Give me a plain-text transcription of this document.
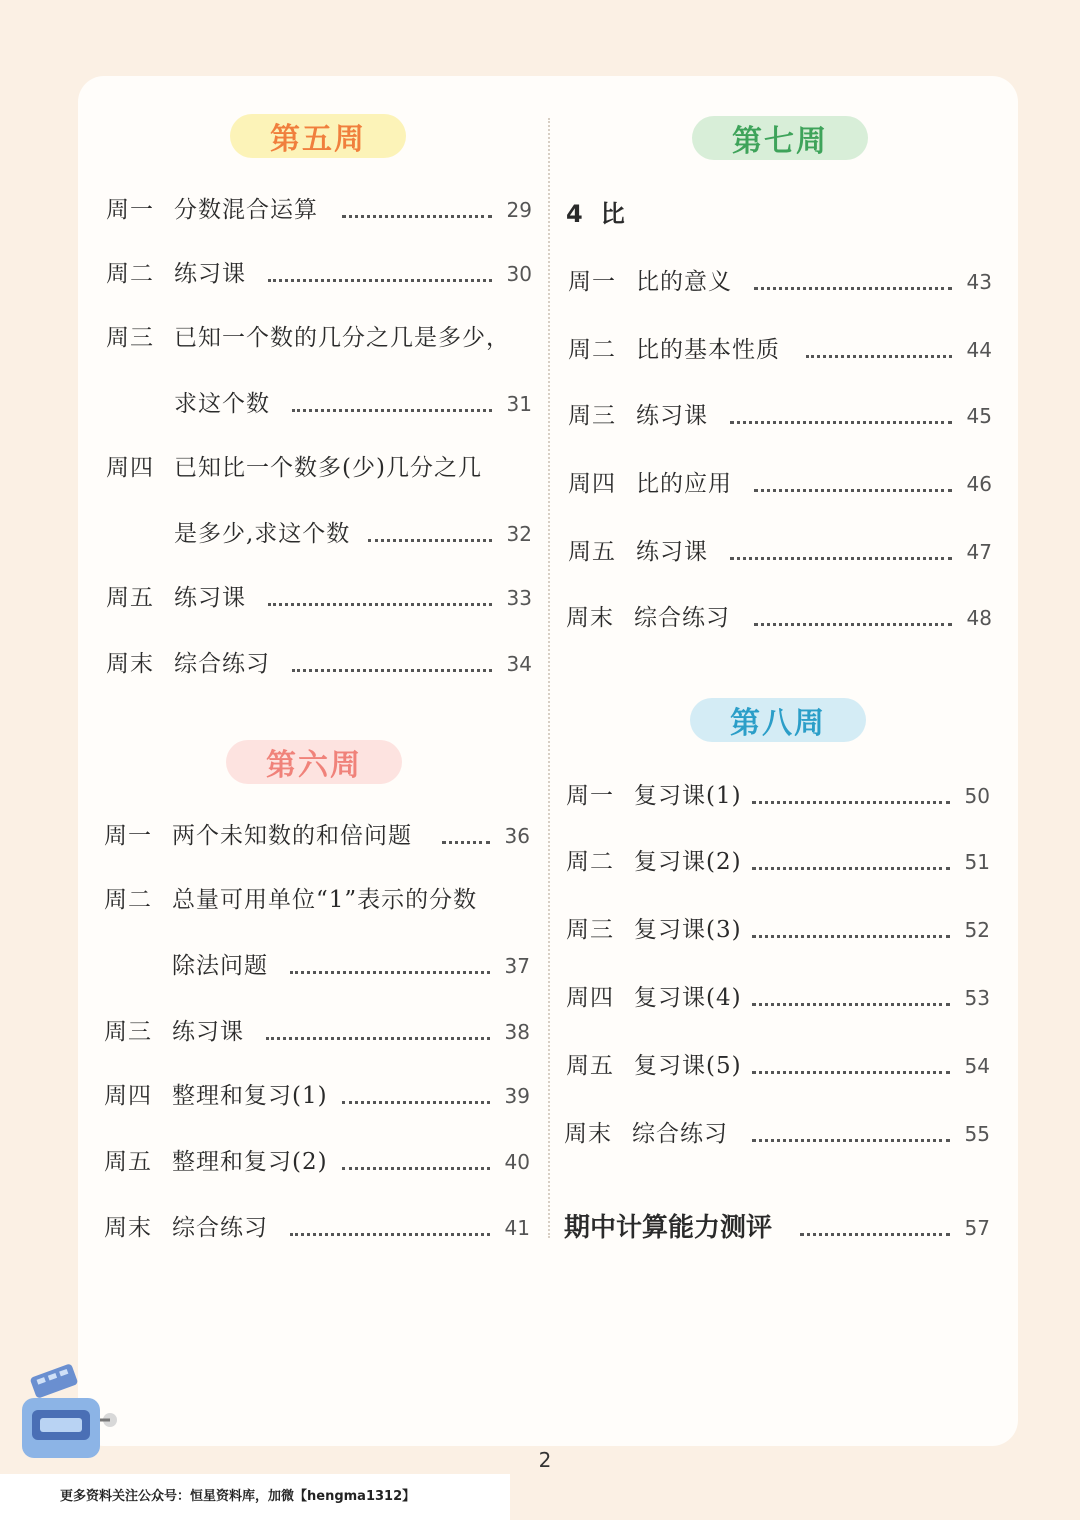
第五周
周一 分数混合运算	29
周二 练习课	30
周三 已知一个数的几分之几是多少，
求这个数	31
周四 已知比一个数多(少)几分之几
是多少,求这个数	32
周五 练习课	33
周末 综合练习	34
第六周
周一 两个未知数的和倍问题	36
周二 总量可用单位“1”表示的分数
除法问题	37
周三 练习课	38
周四 整理和复习(1)	39
周五 整理和复习(2)	40
周末 综合练习	41
第七周
4 比
周一 比的意义	43
周二 比的基本性质	44
周三 练习课	45
周四 比的应用	46
周五 练习课	47
周末 综合练习	48
第八周
周一 复习课(1)	50
周二 复习课(2)	51
周三 复习课(3)	52
周四 复习课(4)	53
周五 复习课(5)	54
周末 综合练习	55
期中计算能力测评	57
2
更多资料关注公众号：恒星资料库，加微【hengma1312】
